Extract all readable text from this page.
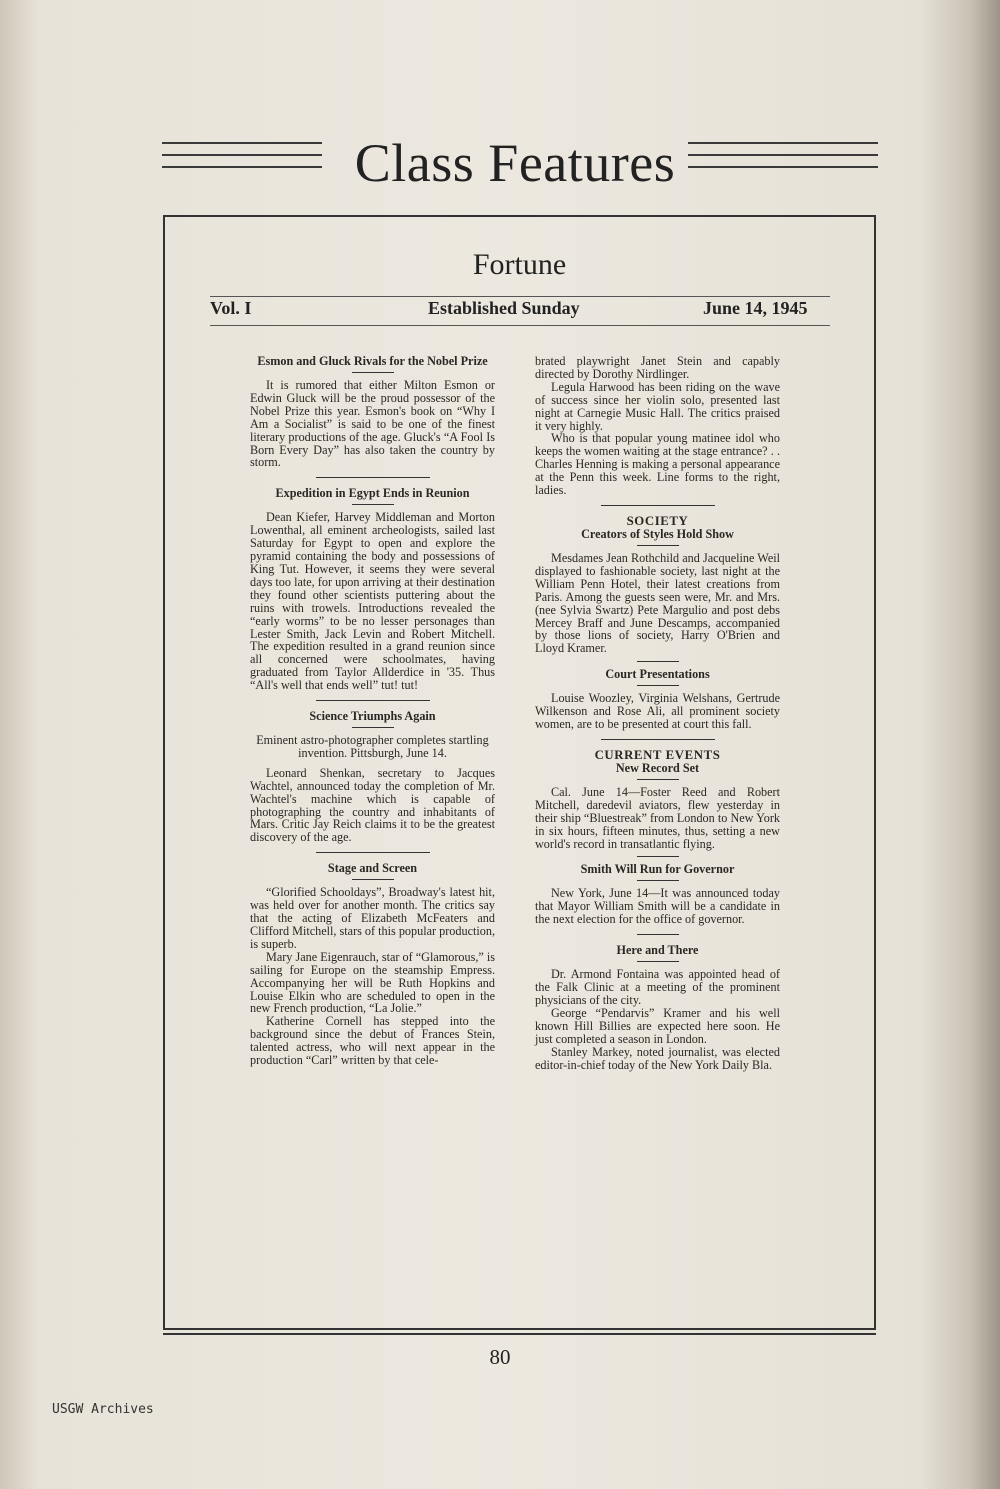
Class Features
Fortune
Vol. I	Established Sunday	June 14, 1945
Esmon and Gluck Rivals for the Nobel Prize

It is rumored that either Milton Esmon or Edwin Gluck will be the proud possessor of the Nobel Prize this year. Esmon's book on “Why I Am a Socialist” is said to be one of the finest literary productions of the age. Gluck's “A Fool Is Born Every Day” has also taken the country by storm.

Expedition in Egypt Ends in Reunion

Dean Kiefer, Harvey Middleman and Morton Lowenthal, all eminent archeologists, sailed last Saturday for Egypt to open and explore the pyramid containing the body and possessions of King Tut. However, it seems they were several days too late, for upon arriving at their destination they found other scientists puttering about the ruins with trowels. Introductions revealed the “early worms” to be no lesser personages than Lester Smith, Jack Levin and Robert Mitchell. The expedition resulted in a grand reunion since all concerned were schoolmates, having graduated from Taylor Allderdice in '35. Thus “All's well that ends well” tut! tut!

Science Triumphs Again

Eminent astro-photographer completes startling invention. Pittsburgh, June 14.

Leonard Shenkan, secretary to Jacques Wachtel, announced today the completion of Mr. Wachtel's machine which is capable of photographing the country and inhabitants of Mars. Critic Jay Reich claims it to be the greatest discovery of the age.

Stage and Screen

“Glorified Schooldays”, Broadway's latest hit, was held over for another month. The critics say that the acting of Elizabeth McFeaters and Clifford Mitchell, stars of this popular production, is superb.

Mary Jane Eigenrauch, star of “Glamorous,” is sailing for Europe on the steamship Empress. Accompanying her will be Ruth Hopkins and Louise Elkin who are scheduled to open in the new French production, “La Jolie.”

Katherine Cornell has stepped into the background since the debut of Frances Stein, talented actress, who will next appear in the production “Carl” written by that cele-

brated playwright Janet Stein and capably directed by Dorothy Nirdlinger.

Legula Harwood has been riding on the wave of success since her violin solo, presented last night at Carnegie Music Hall. The critics praised it very highly.

Who is that popular young matinee idol who keeps the women waiting at the stage entrance? . . Charles Henning is making a personal appearance at the Penn this week. Line forms to the right, ladies.

SOCIETY
Creators of Styles Hold Show

Mesdames Jean Rothchild and Jacqueline Weil displayed to fashionable society, last night at the William Penn Hotel, their latest creations from Paris. Among the guests seen were, Mr. and Mrs. (nee Sylvia Swartz) Pete Margulio and post debs Mercey Braff and June Descamps, accompanied by those lions of society, Harry O'Brien and Lloyd Kramer.

Court Presentations

Louise Woozley, Virginia Welshans, Gertrude Wilkenson and Rose Ali, all prominent society women, are to be presented at court this fall.

CURRENT EVENTS
New Record Set

Cal. June 14—Foster Reed and Robert Mitchell, daredevil aviators, flew yesterday in their ship “Bluestreak” from London to New York in six hours, fifteen minutes, thus, setting a new world's record in transatlantic flying.

Smith Will Run for Governor

New York, June 14—It was announced today that Mayor William Smith will be a candidate in the next election for the office of governor.

Here and There

Dr. Armond Fontaina was appointed head of the Falk Clinic at a meeting of the prominent physicians of the city.

George “Pendarvis” Kramer and his well known Hill Billies are expected here soon. He just completed a season in London.

Stanley Markey, noted journalist, was elected editor-in-chief today of the New York Daily Bla.

80
USGW Archives
